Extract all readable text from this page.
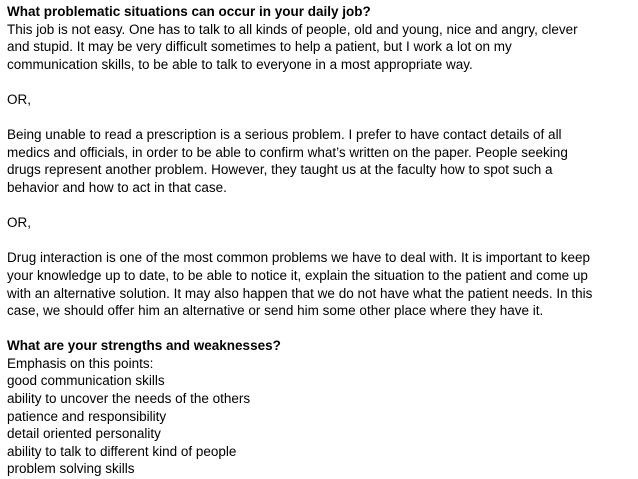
What problematic situations can occur in your daily job?
This job is not easy. One has to talk to all kinds of people, old and young, nice and angry, clever
and stupid. It may be very difficult sometimes to help a patient, but I work a lot on my
communication skills, to be able to talk to everyone in a most appropriate way.
OR,
Being unable to read a prescription is a serious problem. I prefer to have contact details of all
medics and officials, in order to be able to confirm what’s written on the paper. People seeking
drugs represent another problem. However, they taught us at the faculty how to spot such a
behavior and how to act in that case.
OR,
Drug interaction is one of the most common problems we have to deal with. It is important to keep
your knowledge up to date, to be able to notice it, explain the situation to the patient and come up
with an alternative solution. It may also happen that we do not have what the patient needs. In this
case, we should offer him an alternative or send him some other place where they have it.
What are your strengths and weaknesses?
Emphasis on this points:
good communication skills
ability to uncover the needs of the others
patience and responsibility
detail oriented personality
ability to talk to different kind of people
problem solving skills
